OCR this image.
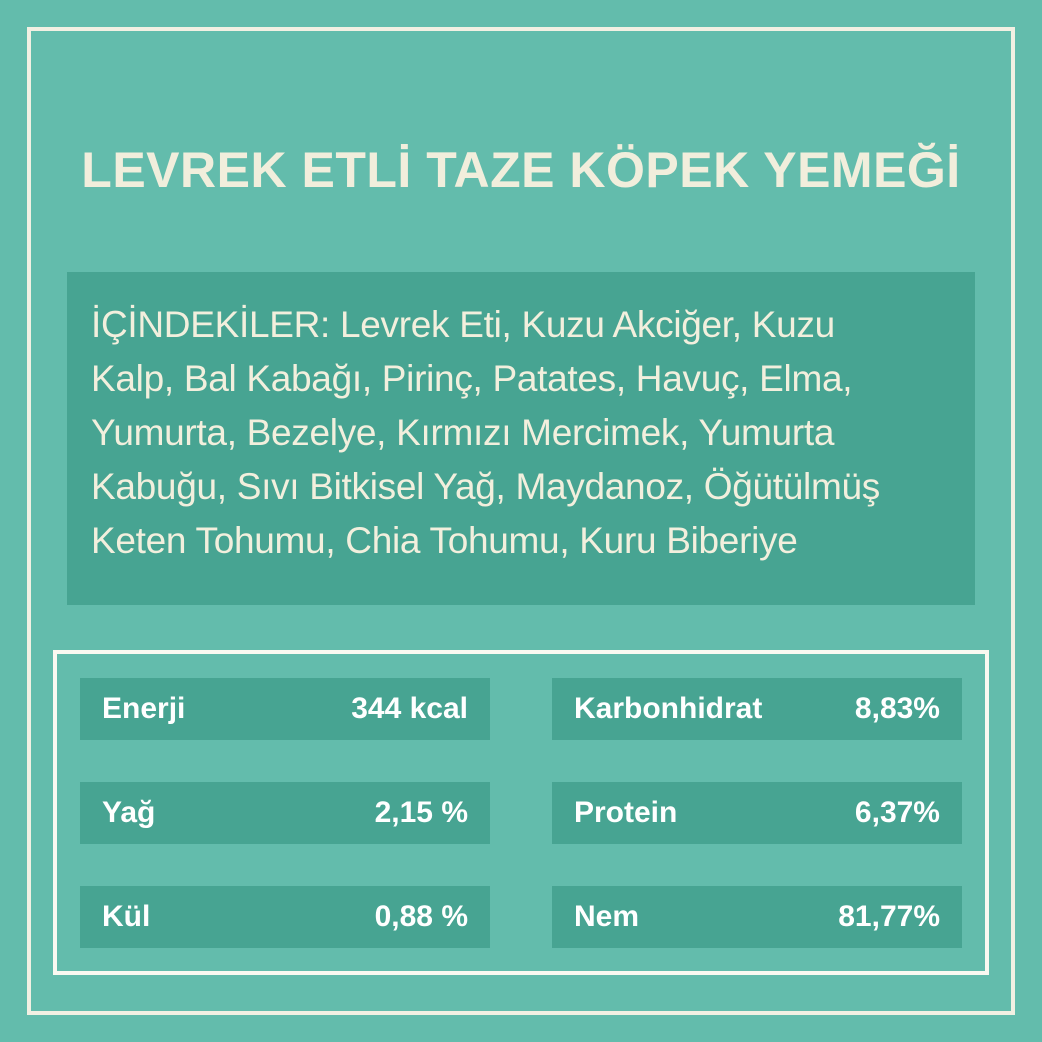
LEVREK ETLİ TAZE KÖPEK YEMEĞİ
İÇİNDEKİLER: Levrek Eti, Kuzu Akciğer, Kuzu
Kalp, Bal Kabağı, Pirinç, Patates, Havuç, Elma,
Yumurta, Bezelye, Kırmızı Mercimek, Yumurta
Kabuğu, Sıvı Bitkisel Yağ, Maydanoz, Öğütülmüş
Keten Tohumu, Chia Tohumu, Kuru Biberiye
Enerji	344 kcal	Karbonhidrat	8,83%
Yağ	2,15 %	Protein	6,37%
Kül	0,88 %	Nem	81,77%
